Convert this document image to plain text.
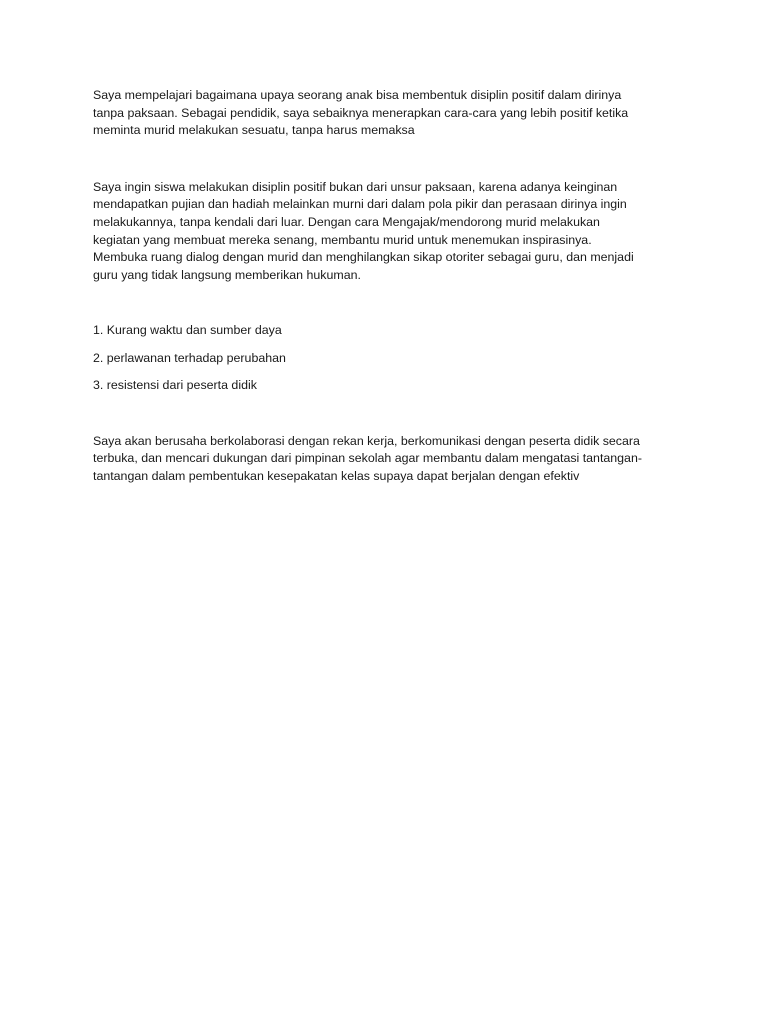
Saya mempelajari bagaimana upaya seorang anak bisa membentuk disiplin positif dalam dirinya
tanpa paksaan. Sebagai pendidik, saya sebaiknya menerapkan cara-cara yang lebih positif ketika
meminta murid melakukan sesuatu, tanpa harus memaksa

Saya ingin siswa melakukan disiplin positif bukan dari unsur paksaan, karena adanya keinginan
mendapatkan pujian dan hadiah melainkan murni dari dalam pola pikir dan perasaan dirinya ingin
melakukannya, tanpa kendali dari luar. Dengan cara Mengajak/mendorong murid melakukan
kegiatan yang membuat mereka senang, membantu murid untuk menemukan inspirasinya.
Membuka ruang dialog dengan murid dan menghilangkan sikap otoriter sebagai guru, dan menjadi
guru yang tidak langsung memberikan hukuman.

1. Kurang waktu dan sumber daya

2. perlawanan terhadap perubahan

3. resistensi dari peserta didik

Saya akan berusaha berkolaborasi dengan rekan kerja, berkomunikasi dengan peserta didik secara
terbuka, dan mencari dukungan dari pimpinan sekolah agar membantu dalam mengatasi tantangan-
tantangan dalam pembentukan kesepakatan kelas supaya dapat berjalan dengan efektiv
